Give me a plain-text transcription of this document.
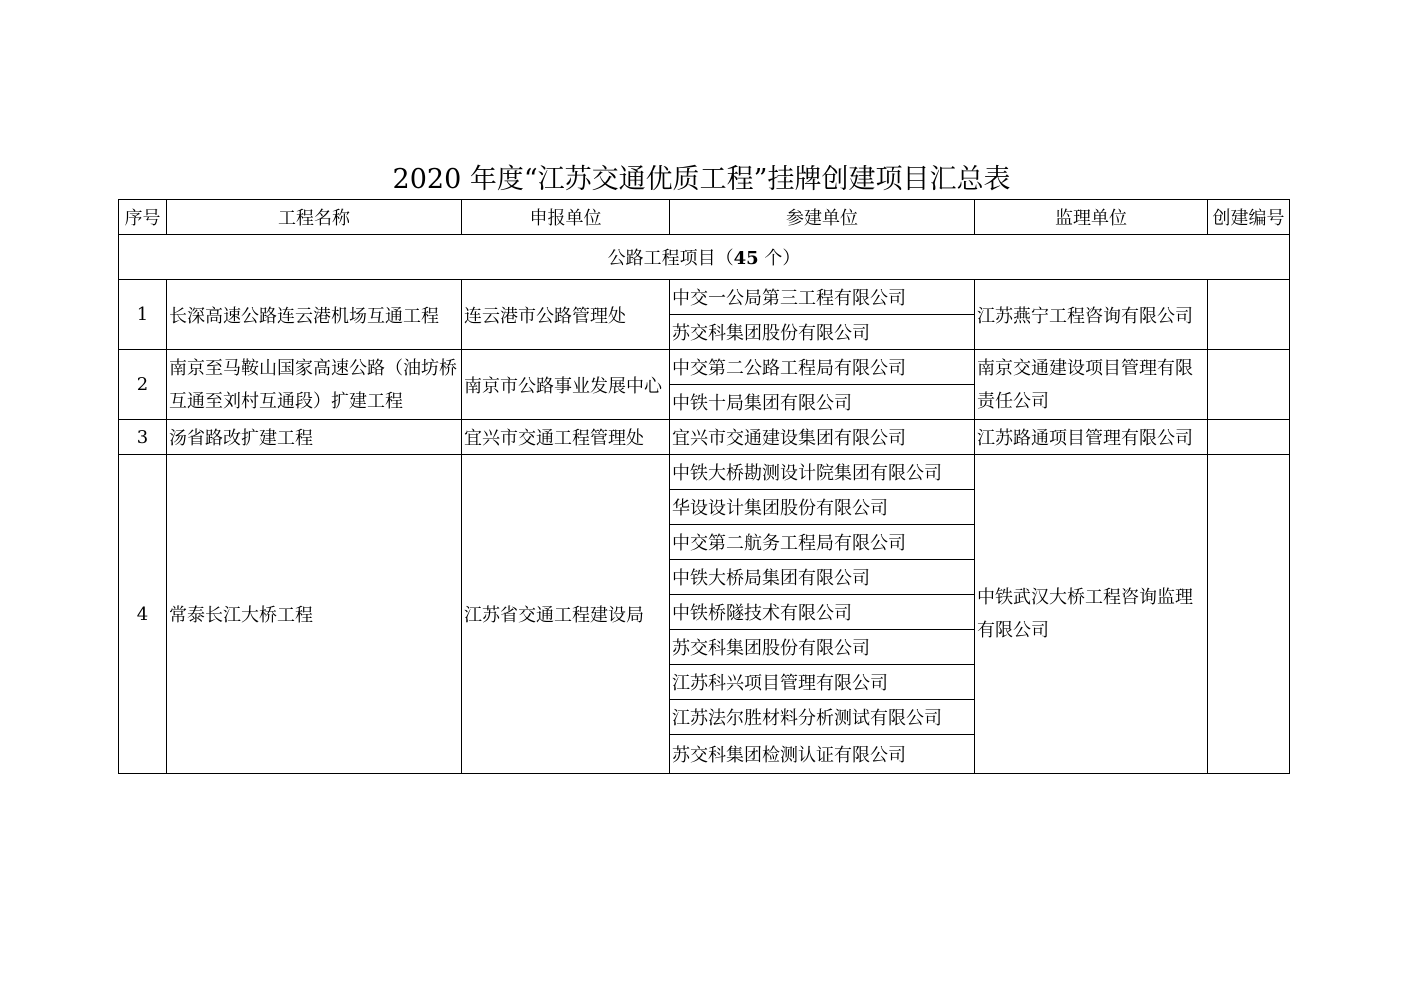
2020 年度“江苏交通优质工程”挂牌创建项目汇总表
序号	工程名称	申报单位	参建单位	监理单位	创建编号
公路工程项目（45 个）					
1	长深高速公路连云港机场互通工程	连云港市公路管理处	中交一公局第三工程有限公司	江苏燕宁工程咨询有限公司	
			苏交科集团股份有限公司		
2	南京至马鞍山国家高速公路（油坊桥互通至刘村互通段）扩建工程	南京市公路事业发展中心	中交第二公路工程局有限公司	南京交通建设项目管理有限责任公司	
			中铁十局集团有限公司		
3	汤省路改扩建工程	宜兴市交通工程管理处	宜兴市交通建设集团有限公司	江苏路通项目管理有限公司	
4	常泰长江大桥工程	江苏省交通工程建设局	中铁大桥勘测设计院集团有限公司	中铁武汉大桥工程咨询监理有限公司	
			华设设计集团股份有限公司		
			中交第二航务工程局有限公司		
			中铁大桥局集团有限公司		
			中铁桥隧技术有限公司		
			苏交科集团股份有限公司		
			江苏科兴项目管理有限公司		
			江苏法尔胜材料分析测试有限公司		
			苏交科集团检测认证有限公司		
